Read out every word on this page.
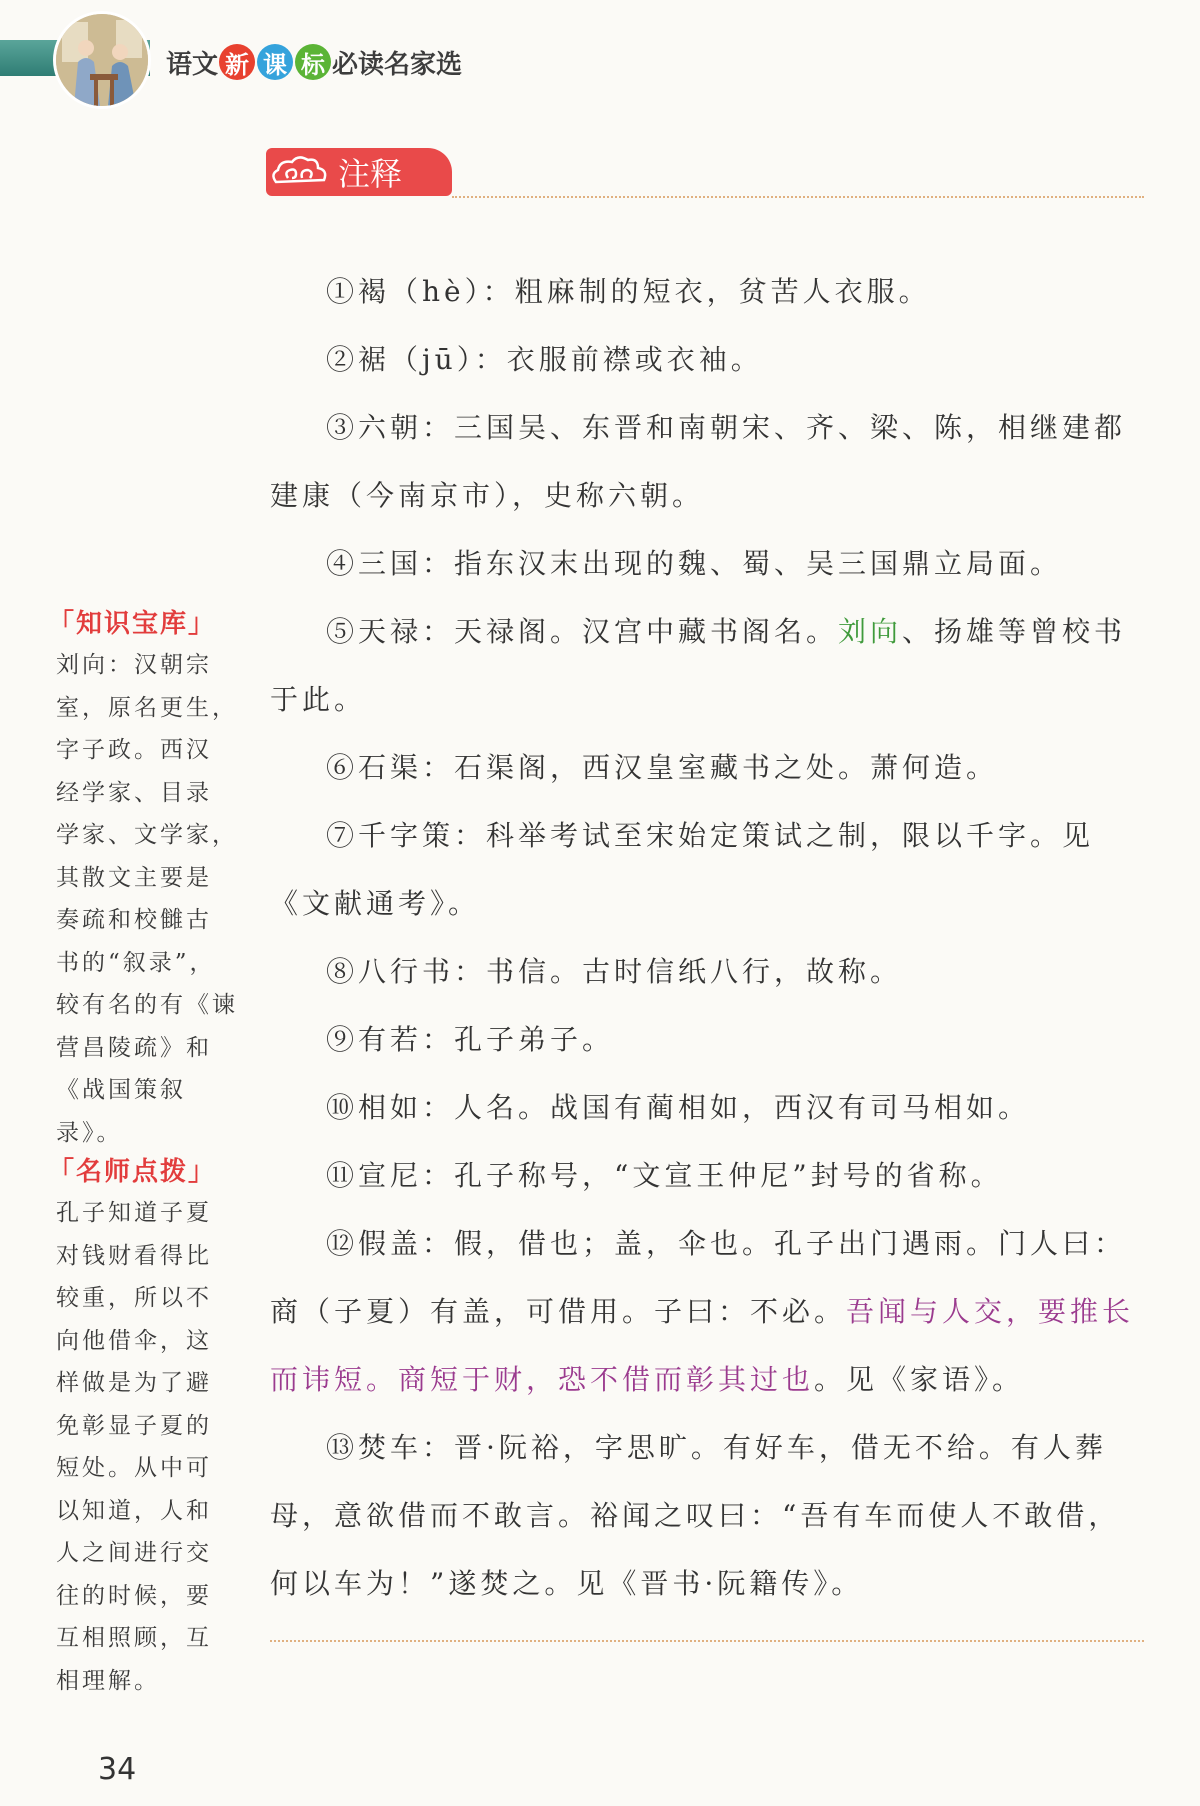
语文 新 课 标 必读名家选
注释

①褐（hè）：粗麻制的短衣，贫苦人衣服。

②裾（jū）：衣服前襟或衣袖。

③六朝：三国吴、东晋和南朝宋、齐、梁、陈，相继建都建康（今南京市），史称六朝。

④三国：指东汉末出现的魏、蜀、吴三国鼎立局面。

⑤天禄：天禄阁。汉宫中藏书阁名。刘向、扬雄等曾校书于此。

⑥石渠：石渠阁，西汉皇室藏书之处。萧何造。

⑦千字策：科举考试至宋始定策试之制，限以千字。见《文献通考》。

⑧八行书：书信。古时信纸八行，故称。

⑨有若：孔子弟子。

⑩相如：人名。战国有蔺相如，西汉有司马相如。

⑪宣尼：孔子称号，“文宣王仲尼”封号的省称。

⑫假盖：假，借也；盖，伞也。孔子出门遇雨。门人曰：商（子夏）有盖，可借用。子曰：不必。吾闻与人交，要推长而讳短。商短于财，恐不借而彰其过也。见《家语》。

⑬焚车：晋·阮裕，字思旷。有好车，借无不给。有人葬母，意欲借而不敢言。裕闻之叹曰：“吾有车而使人不敢借，何以车为！”遂焚之。见《晋书·阮籍传》。

「知识宝库」
刘向：汉朝宗
室，原名更生，
字子政。西汉
经学家、目录
学家、文学家，
其散文主要是
奏疏和校雠古
书的“叙录”，
较有名的有《谏
营昌陵疏》和
《战国策叙录》。
「名师点拨」
孔子知道子夏
对钱财看得比
较重，所以不
向他借伞，这
样做是为了避
免彰显子夏的
短处。从中可
以知道，人和
人之间进行交
往的时候，要
互相照顾，互
相理解。
34
